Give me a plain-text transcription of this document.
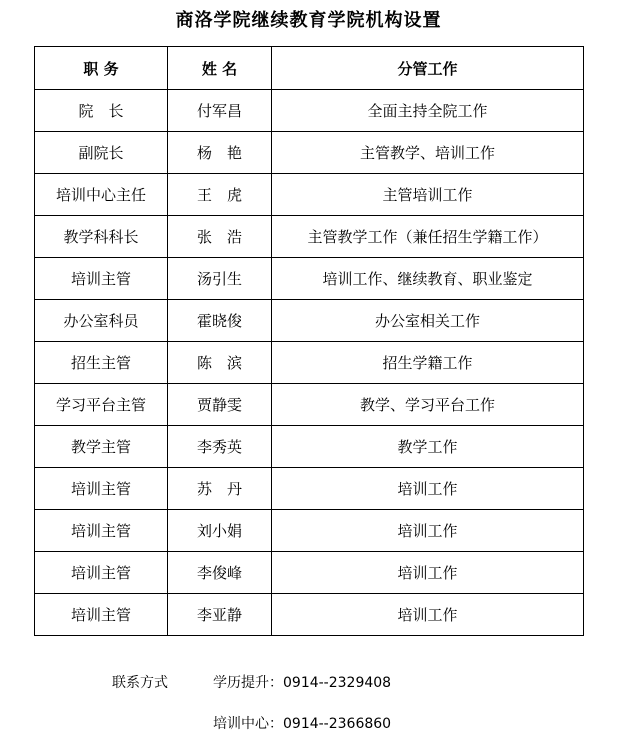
商洛学院继续教育学院机构设置
职 务	姓 名	分管工作
院　长	付军昌	全面主持全院工作
副院长	杨　艳	主管教学、培训工作
培训中心主任	王　虎	主管培训工作
教学科科长	张　浩	主管教学工作（兼任招生学籍工作）
培训主管	汤引生	培训工作、继续教育、职业鉴定
办公室科员	霍晓俊	办公室相关工作
招生主管	陈　滨	招生学籍工作
学习平台主管	贾静雯	教学、学习平台工作
教学主管	李秀英	教学工作
培训主管	苏　丹	培训工作
培训主管	刘小娟	培训工作
培训主管	李俊峰	培训工作
培训主管	李亚静	培训工作
联系方式	学历提升：0914--2329408
培训中心：0914--2366860
